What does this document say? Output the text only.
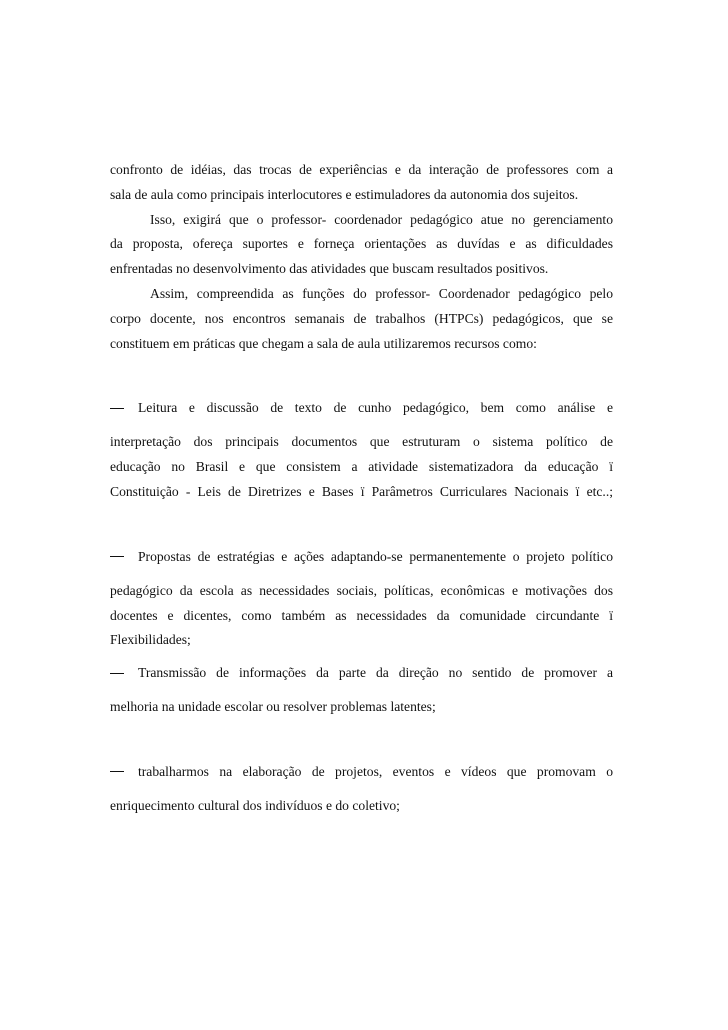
confronto de idéias, das trocas de experiências e da interação de professores com a
sala de aula como principais interlocutores e estimuladores da autonomia dos sujeitos.
Isso, exigirá que o professor- coordenador pedagógico atue no gerenciamento
da proposta, ofereça suportes e forneça orientações as duvídas e as dificuldades
enfrentadas no desenvolvimento das atividades que buscam resultados positivos.
Assim, compreendida as funções do professor- Coordenador pedagógico pelo
corpo docente, nos encontros semanais de trabalhos (HTPCs) pedagógicos, que se
constituem em práticas que chegam a sala de aula utilizaremos recursos como:
Leitura e discussão de texto de cunho pedagógico, bem como análise e
interpretação dos principais documentos que estruturam o sistema político de
educação no Brasil e que consistem a atividade sistematizadora da educação ï
Constituição - Leis de Diretrizes e Bases ï Parâmetros Curriculares Nacionais ï etc..;
Propostas de estratégias e ações adaptando-se permanentemente o projeto político
pedagógico da escola as necessidades sociais, políticas, econômicas e motivações dos
docentes e dicentes, como também as necessidades da comunidade circundante ï
Flexibilidades;
Transmissão de informações da parte da direção no sentido de promover a
melhoria na unidade escolar ou resolver problemas latentes;
trabalharmos na elaboração de projetos, eventos e vídeos que promovam o
enriquecimento cultural dos indivíduos e do coletivo;
